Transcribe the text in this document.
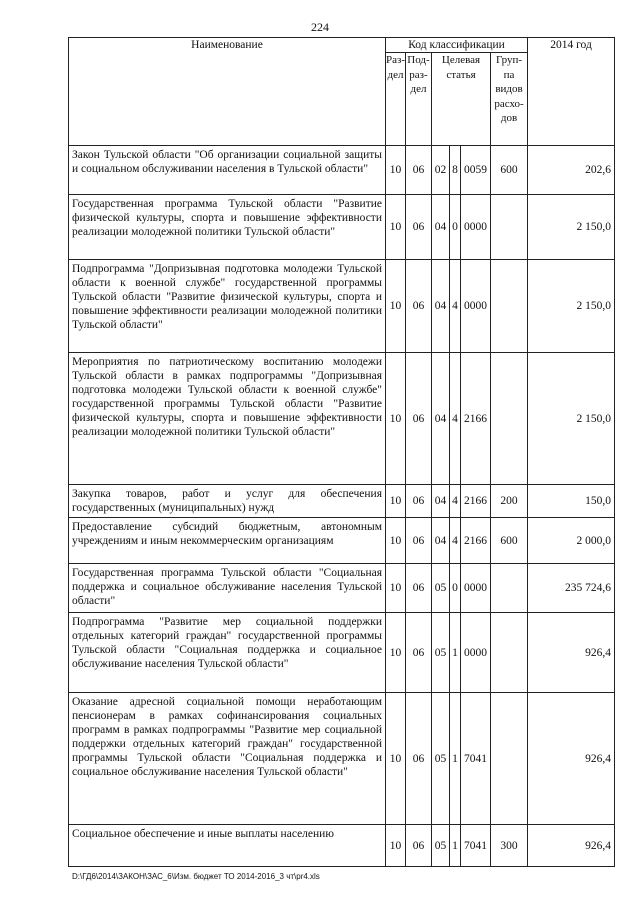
224
Наименование	Код классификации						2014 год
	Раз-дел	Под-раз-дел	Целевая статья			Груп-па видов расхо-дов	
Закон Тульской области "Об организации социальной защиты и социальном обслуживании населения в Тульской области"	10	06	02	8	0059	600	202,6
Государственная программа Тульской области "Развитие физической культуры, спорта и повышение эффективности реализации молодежной политики Тульской области"	10	06	04	0	0000		2 150,0
Подпрограмма "Допризывная подготовка молодежи Тульской области к военной службе" государственной программы Тульской области "Развитие физической культуры, спорта и повышение эффективности реализации молодежной политики Тульской области"	10	06	04	4	0000		2 150,0
Мероприятия по патриотическому воспитанию молодежи Тульской области в рамках подпрограммы "Допризывная подготовка молодежи Тульской области к военной службе" государственной программы Тульской области "Развитие физической культуры, спорта и повышение эффективности реализации молодежной политики Тульской области"	10	06	04	4	2166		2 150,0
Закупка товаров, работ и услуг для обеспечения государственных (муниципальных) нужд	10	06	04	4	2166	200	150,0
Предоставление субсидий бюджетным, автономным учреждениям и иным некоммерческим организациям	10	06	04	4	2166	600	2 000,0
Государственная программа Тульской области "Социальная поддержка и социальное обслуживание населения Тульской области"	10	06	05	0	0000		235 724,6
Подпрограмма "Развитие мер социальной поддержки отдельных категорий граждан" государственной программы Тульской области "Социальная поддержка и социальное обслуживание населения Тульской области"	10	06	05	1	0000		926,4
Оказание адресной социальной помощи неработающим пенсионерам в рамках софинансирования социальных программ в рамках подпрограммы "Развитие мер социальной поддержки отдельных категорий граждан" государственной программы Тульской области "Социальная поддержка и социальное обслуживание населения Тульской области"	10	06	05	1	7041		926,4
Социальное обеспечение и иные выплаты населению	10	06	05	1	7041	300	926,4
D:\ГД6\2014\ЗАКОН\ЗАС_6\Изм. бюджет ТО 2014-2016_3 чт\pr4.xls
